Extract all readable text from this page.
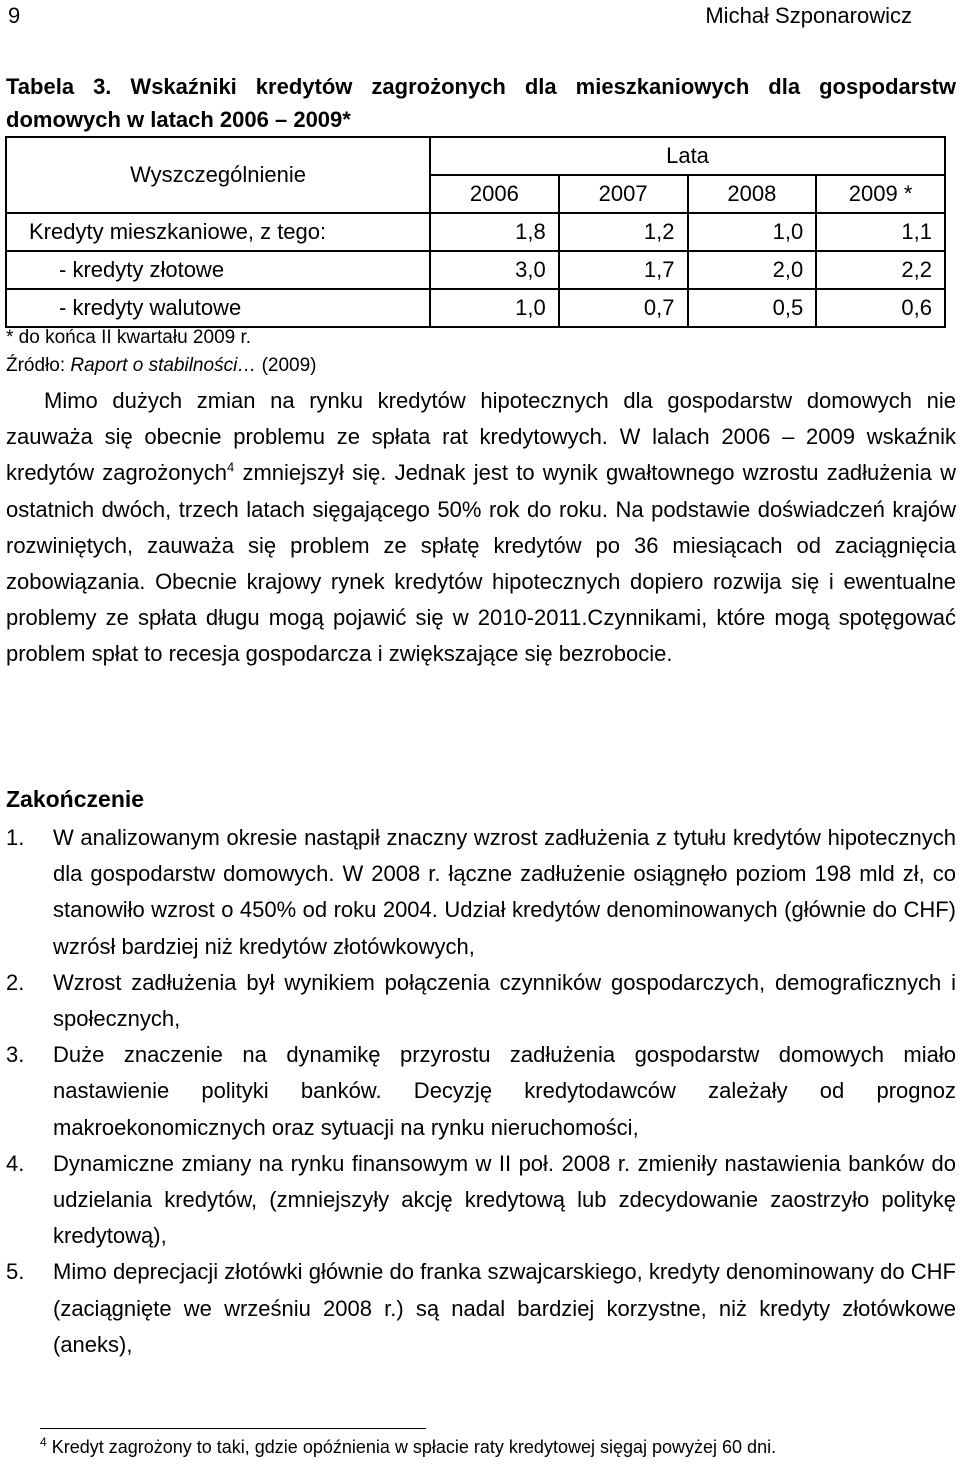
9	Michał Szponarowicz
Tabela 3. Wskaźniki kredytów zagrożonych dla mieszkaniowych dla gospodarstw domowych w latach 2006 – 2009*
Wyszczególnienie	Lata			
	2006	2007	2008	2009 *
Kredyty mieszkaniowe, z tego:	1,8	1,2	1,0	1,1
- kredyty złotowe	3,0	1,7	2,0	2,2
- kredyty walutowe	1,0	0,7	0,5	0,6
* do końca II kwartału 2009 r.
Źródło: Raport o stabilności… (2009)
Mimo dużych zmian na rynku kredytów hipotecznych dla gospodarstw domowych nie zauważa się obecnie problemu ze spłata rat kredytowych. W lalach 2006 – 2009 wskaźnik kredytów zagrożonych$^4$ zmniejszył się. Jednak jest to wynik gwałtownego wzrostu zadłużenia w ostatnich dwóch, trzech latach sięgającego 50% rok do roku. Na podstawie doświadczeń krajów rozwiniętych, zauważa się problem ze spłatę kredytów po 36 miesiącach od zaciągnięcia zobowiązania. Obecnie krajowy rynek kredytów hipotecznych dopiero rozwija się i ewentualne problemy ze spłata długu mogą pojawić się w 2010-2011.Czynnikami, które mogą spotęgować problem spłat to recesja gospodarcza i zwiększające się bezrobocie.
Zakończenie
1. W analizowanym okresie nastąpił znaczny wzrost zadłużenia z tytułu kredytów hipotecznych dla gospodarstw domowych. W 2008 r. łączne zadłużenie osiągnęło poziom 198 mld zł, co stanowiło wzrost o 450% od roku 2004. Udział kredytów denominowanych (głównie do CHF) wzrósł bardziej niż kredytów złotówkowych,
2. Wzrost zadłużenia był wynikiem połączenia czynników gospodarczych, demograficznych i społecznych,
3. Duże znaczenie na dynamikę przyrostu zadłużenia gospodarstw domowych miało nastawienie polityki banków. Decyzję kredytodawców zależały od prognoz makroekonomicznych oraz sytuacji na rynku nieruchomości,
4. Dynamiczne zmiany na rynku finansowym w II poł. 2008 r. zmieniły nastawienia banków do udzielania kredytów, (zmniejszyły akcję kredytową lub zdecydowanie zaostrzyło politykę kredytową),
5. Mimo deprecjacji złotówki głównie do franka szwajcarskiego, kredyty denominowany do CHF (zaciągnięte we wrześniu 2008 r.) są nadal bardziej korzystne, niż kredyty złotówkowe (aneks),
$^4$ Kredyt zagrożony to taki, gdzie opóźnienia w spłacie raty kredytowej sięgaj powyżej 60 dni.
